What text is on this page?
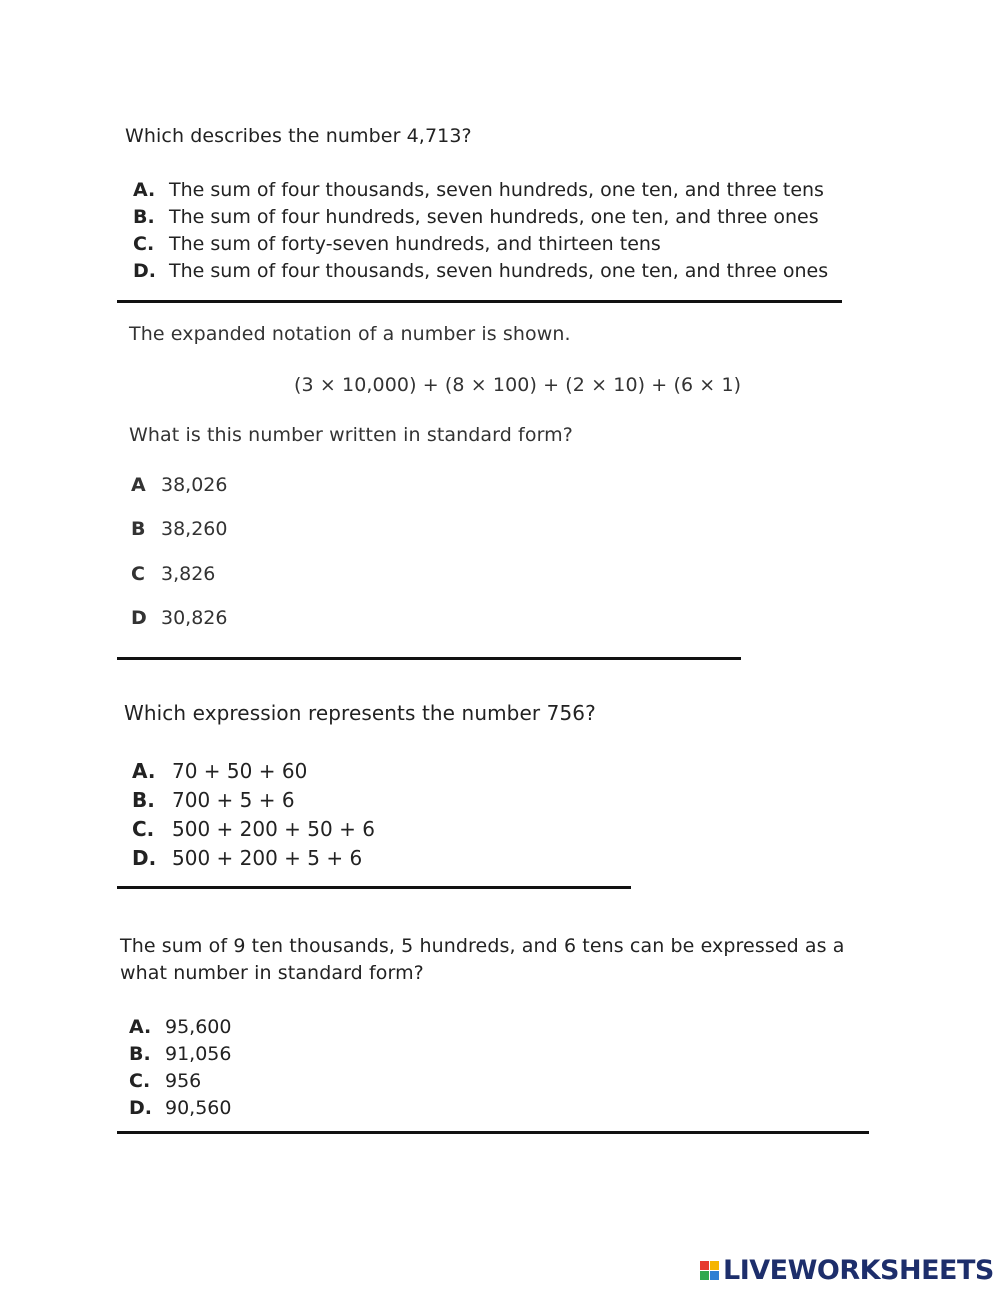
Which describes the number 4,713?
A. The sum of four thousands, seven hundreds, one ten, and three tens
B. The sum of four hundreds, seven hundreds, one ten, and three ones
C. The sum of forty-seven hundreds, and thirteen tens
D. The sum of four thousands, seven hundreds, one ten, and three ones
The expanded notation of a number is shown.
(3 × 10,000) + (8 × 100) + (2 × 10) + (6 × 1)
What is this number written in standard form?
A 38,026
B 38,260
C 3,826
D 30,826
Which expression represents the number 756?
A. 70 + 50 + 60
B. 700 + 5 + 6
C. 500 + 200 + 50 + 6
D. 500 + 200 + 5 + 6
The sum of 9 ten thousands, 5 hundreds, and 6 tens can be expressed as a
what number in standard form?
A. 95,600
B. 91,056
C. 956
D. 90,560
LIVEWORKSHEETS
